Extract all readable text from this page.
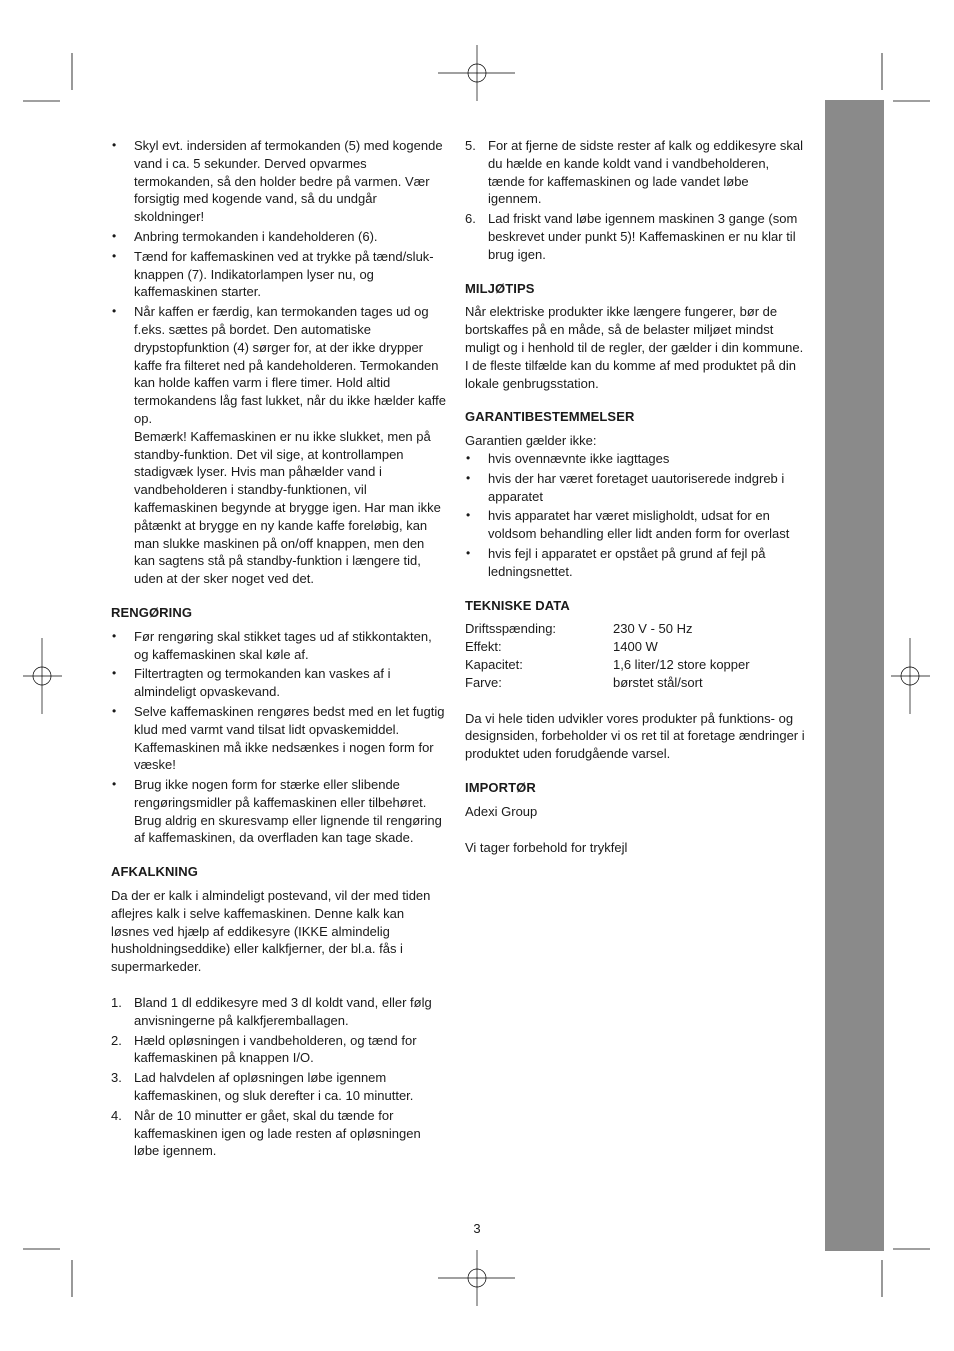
• Skyl evt. indersiden af termokanden (5) med kogende vand i ca. 5 sekunder. Derved opvarmes termokanden, så den holder bedre på varmen. Vær forsigtig med kogende vand, så du undgår skoldninger!
• Anbring termokanden i kandeholderen (6).
• Tænd for kaffemaskinen ved at trykke på tænd/sluk-knappen (7). Indikatorlampen lyser nu, og kaffemaskinen starter.
• Når kaffen er færdig, kan termokanden tages ud og f.eks. sættes på bordet. Den automatiske drypstopfunktion (4) sørger for, at der ikke drypper kaffe fra filteret ned på kandeholderen. Termokanden kan holde kaffen varm i flere timer. Hold altid termokandens låg fast lukket, når du ikke hælder kaffe op.

Bemærk! Kaffemaskinen er nu ikke slukket, men på standby-funktion. Det vil sige, at kontrollampen stadigvæk lyser. Hvis man påhælder vand i vandbeholderen i standby-funktionen, vil kaffemaskinen begynde at brygge igen. Har man ikke påtænkt at brygge en ny kande kaffe foreløbig, kan man slukke maskinen på on/off knappen, men den kan sagtens stå på standby-funktion i længere tid, uden at der sker noget ved det.

RENGØRING
• Før rengøring skal stikket tages ud af stikkontakten, og kaffemaskinen skal køle af.
• Filtertragten og termokanden kan vaskes af i almindeligt opvaskevand.
• Selve kaffemaskinen rengøres bedst med en let fugtig klud med varmt vand tilsat lidt opvaskemiddel. Kaffemaskinen må ikke nedsænkes i nogen form for væske!
• Brug ikke nogen form for stærke eller slibende rengøringsmidler på kaffemaskinen eller tilbehøret. Brug aldrig en skuresvamp eller lignende til rengøring af kaffemaskinen, da overfladen kan tage skade.
AFKALKNING

Da der er kalk i almindeligt postevand, vil der med tiden aflejres kalk i selve kaffemaskinen. Denne kalk kan løsnes ved hjælp af eddikesyre (IKKE almindelig husholdningseddike) eller kalkfjerner, der bl.a. fås i supermarkeder.

1. Bland 1 dl eddikesyre med 3 dl koldt vand, eller følg anvisningerne på kalkfjeremballagen.
2. Hæld opløsningen i vandbeholderen, og tænd for kaffemaskinen på knappen I/O.
3. Lad halvdelen af opløsningen løbe igennem kaffemaskinen, og sluk derefter i ca. 10 minutter.
4. Når de 10 minutter er gået, skal du tænde for kaffemaskinen igen og lade resten af opløsningen løbe igennem.
5. For at fjerne de sidste rester af kalk og eddikesyre skal du hælde en kande koldt vand i vandbeholderen, tænde for kaffemaskinen og lade vandet løbe igennem.
6. Lad friskt vand løbe igennem maskinen 3 gange (som beskrevet under punkt 5)! Kaffemaskinen er nu klar til brug igen.
MILJØTIPS

Når elektriske produkter ikke længere fungerer, bør de bortskaffes på en måde, så de belaster miljøet mindst muligt og i henhold til de regler, der gælder i din kommune. I de fleste tilfælde kan du komme af med produktet på din lokale genbrugsstation.

GARANTIBESTEMMELSER

Garantien gælder ikke:

• hvis ovennævnte ikke iagttages
• hvis der har været foretaget uautoriserede indgreb i apparatet
• hvis apparatet har været misligholdt, udsat for en voldsom behandling eller lidt anden form for overlast
• hvis fejl i apparatet er opstået på grund af fejl på ledningsnettet.
TEKNISKE DATA
Driftsspænding:	230 V - 50 Hz
Effekt:	1400 W
Kapacitet:	1,6 liter/12 store kopper
Farve:	børstet stål/sort

Da vi hele tiden udvikler vores produkter på funktions- og designsiden, forbeholder vi os ret til at foretage ændringer i produktet uden forudgående varsel.

IMPORTØR

Adexi Group

Vi tager forbehold for trykfejl

3
